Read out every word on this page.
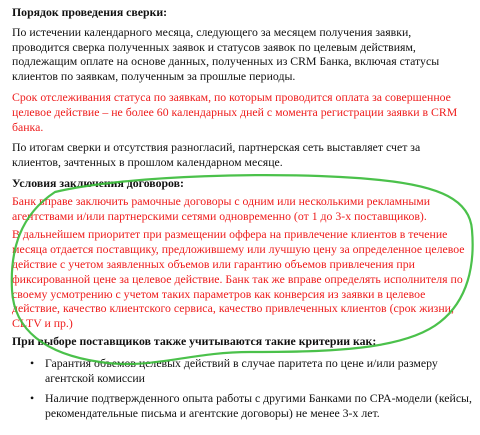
Порядок проведения сверки:
По истечении календарного месяца, следующего за месяцем получения заявки,
проводится сверка полученных заявок и статусов заявок по целевым действиям,
подлежащим оплате на основе данных, полученных из CRM Банка, включая статусы
клиентов по заявкам, полученным за прошлые периоды.
Срок отслеживания статуса по заявкам, по которым проводится оплата за совершенное
целевое действие – не более 60 календарных дней с момента регистрации заявки в CRM
банка.
По итогам сверки и отсутствия разногласий, партнерская сеть выставляет счет за
клиентов, зачтенных в прошлом календарном месяце.
Условия заключения договоров:
Банк вправе заключить рамочные договоры с одним или несколькими рекламными
агентствами и/или партнерскими сетями одновременно (от 1 до 3-х поставщиков).
В дальнейшем приоритет при размещении оффера на привлечение клиентов в течение
месяца отдается поставщику, предложившему или лучшую цену за определенное целевое
действие с учетом заявленных объемов или гарантию объемов привлечения при
фиксированной цене за целевое действие. Банк так же вправе определять исполнителя по
своему усмотрению с учетом таких параметров как конверсия из заявки в целевое
действие, качество клиентского сервиса, качество привлеченных клиентов (срок жизни,
CLTV и пр.)
При выборе поставщиков также учитываются такие критерии как:
• Гарантия объемов целевых действий в случае паритета по цене и/или размеру
агентской комиссии
• Наличие подтвержденного опыта работы с другими Банками по CPA-модели (кейсы,
рекомендательные письма и агентские договоры) не менее 3-х лет.
